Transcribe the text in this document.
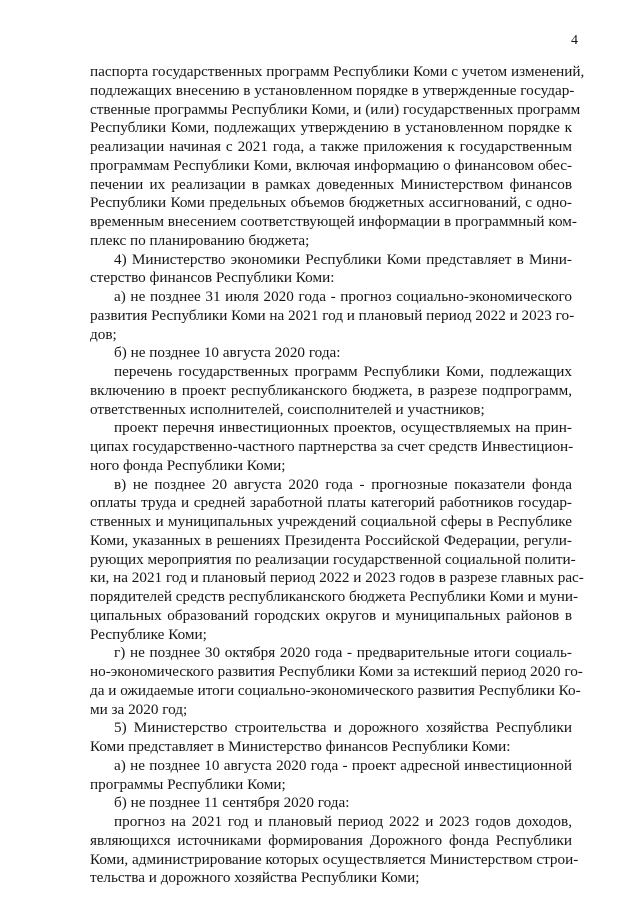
4
паспорта государственных программ Республики Коми с учетом изменений,
подлежащих внесению в установленном порядке в утвержденные государ-
ственные программы Республики Коми, и (или) государственных программ
Республики Коми, подлежащих утверждению в установленном порядке к
реализации начиная с 2021 года, а также приложения к государственным
программам Республики Коми, включая информацию о финансовом обес-
печении их реализации в рамках доведенных Министерством финансов
Республики Коми предельных объемов бюджетных ассигнований, с одно-
временным внесением соответствующей информации в программный ком-
плекс по планированию бюджета;
4) Министерство экономики Республики Коми представляет в Мини-
стерство финансов Республики Коми:
а) не позднее 31 июля 2020 года - прогноз социально-экономического
развития Республики Коми на 2021 год и плановый период 2022 и 2023 го-
дов;
б) не позднее 10 августа 2020 года:
перечень государственных программ Республики Коми, подлежащих
включению в проект республиканского бюджета, в разрезе подпрограмм,
ответственных исполнителей, соисполнителей и участников;
проект перечня инвестиционных проектов, осуществляемых на прин-
ципах государственно-частного партнерства за счет средств Инвестицион-
ного фонда Республики Коми;
в) не позднее 20 августа 2020 года - прогнозные показатели фонда
оплаты труда и средней заработной платы категорий работников государ-
ственных и муниципальных учреждений социальной сферы в Республике
Коми, указанных в решениях Президента Российской Федерации, регули-
рующих мероприятия по реализации государственной социальной полити-
ки, на 2021 год и плановый период 2022 и 2023 годов в разрезе главных рас-
порядителей средств республиканского бюджета Республики Коми и муни-
ципальных образований городских округов и муниципальных районов в
Республике Коми;
г) не позднее 30 октября 2020 года - предварительные итоги социаль-
но-экономического развития Республики Коми за истекший период 2020 го-
да и ожидаемые итоги социально-экономического развития Республики Ко-
ми за 2020 год;
5) Министерство строительства и дорожного хозяйства Республики
Коми представляет в Министерство финансов Республики Коми:
а) не позднее 10 августа 2020 года - проект адресной инвестиционной
программы Республики Коми;
б) не позднее 11 сентября 2020 года:
прогноз на 2021 год и плановый период 2022 и 2023 годов доходов,
являющихся источниками формирования Дорожного фонда Республики
Коми, администрирование которых осуществляется Министерством строи-
тельства и дорожного хозяйства Республики Коми;
